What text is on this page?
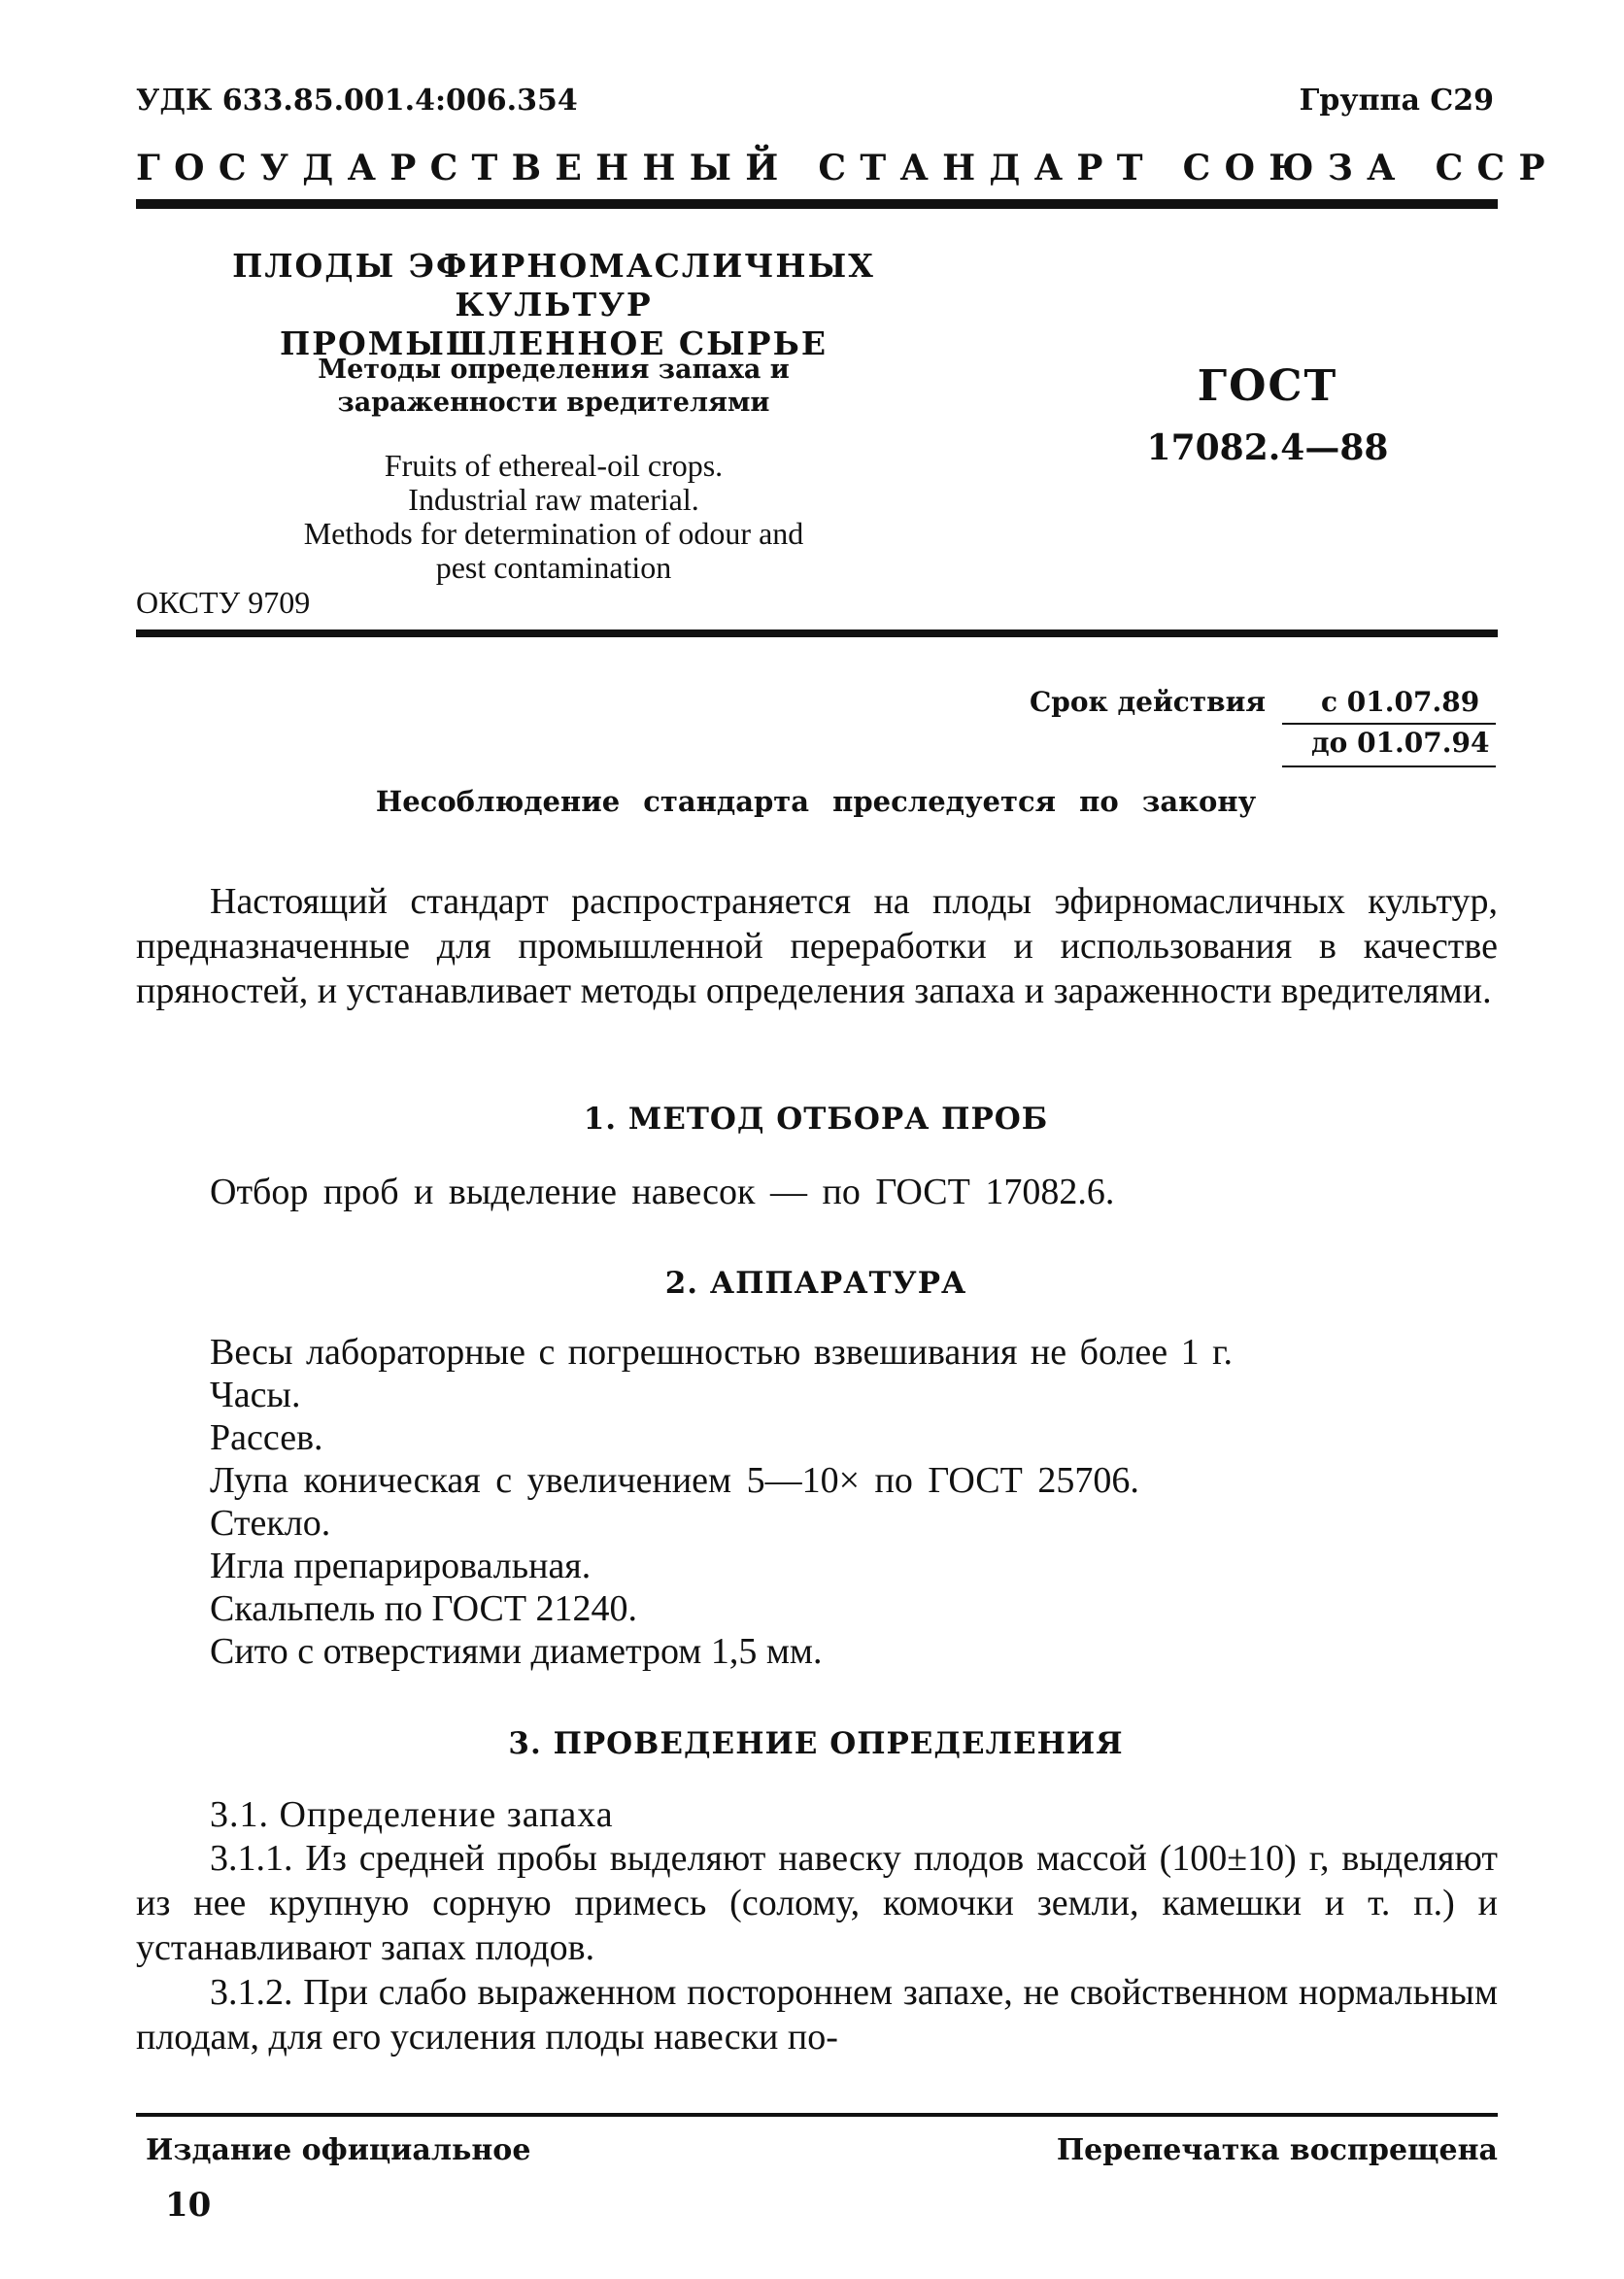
УДК 633.85.001.4:006.354	Группа С29
ГОСУДАРСТВЕННЫЙ СТАНДАРТ СОЮЗА ССР
ПЛОДЫ ЭФИРНОМАСЛИЧНЫХ КУЛЬТУР
ПРОМЫШЛЕННОЕ СЫРЬЕ
Методы определения запаха и
зараженности вредителями
Fruits of ethereal-oil crops.
Industrial raw material.
Methods for determination of odour and
pest contamination
ОКСТУ 9709
ГОСТ
17082.4—88
Срок действия с 01.07.89
до 01.07.94
Несоблюдение стандарта преследуется по закону
Настоящий стандарт распространяется на плоды эфирномасличных культур, предназначенные для промышленной переработки и использования в качестве пряностей, и устанавливает методы определения запаха и зараженности вредителями.
1. МЕТОД ОТБОРА ПРОБ
Отбор проб и выделение навесок — по ГОСТ 17082.6.
2. АППАРАТУРА
Весы лабораторные с погрешностью взвешивания не более 1 г.
Часы.
Рассев.
Лупа коническая с увеличением 5—10× по ГОСТ 25706.
Стекло.
Игла препарировальная.
Скальпель по ГОСТ 21240.
Сито с отверстиями диаметром 1,5 мм.
3. ПРОВЕДЕНИЕ ОПРЕДЕЛЕНИЯ
3.1. Определение запаха
3.1.1. Из средней пробы выделяют навеску плодов массой (100±10) г, выделяют из нее крупную сорную примесь (солому, комочки земли, камешки и т. п.) и устанавливают запах плодов.
3.1.2. При слабо выраженном постороннем запахе, не свойственном нормальным плодам, для его усиления плоды навески по-
Издание официальное	Перепечатка воспрещена
10
